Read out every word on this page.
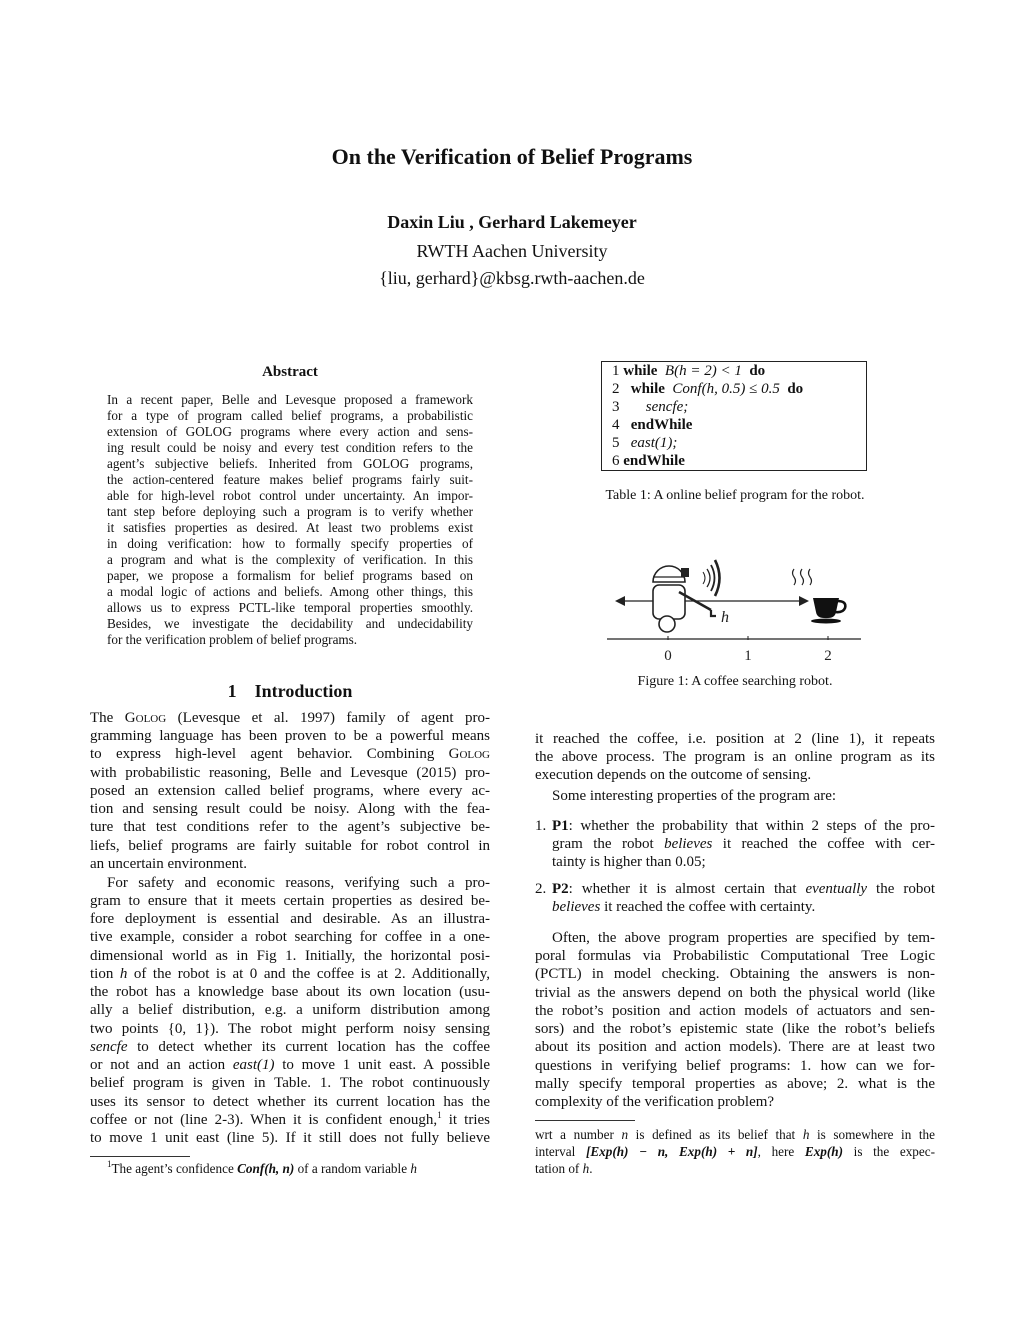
On the Verification of Belief Programs
Daxin Liu , Gerhard Lakemeyer
RWTH Aachen University
{liu, gerhard}@kbsg.rwth-aachen.de
Abstract
In a recent paper, Belle and Levesque proposed a framework
for a type of program called belief programs, a probabilistic
extension of GOLOG programs where every action and sens-
ing result could be noisy and every test condition refers to the
agent’s subjective beliefs. Inherited from GOLOG programs,
the action-centered feature makes belief programs fairly suit-
able for high-level robot control under uncertainty. An impor-
tant step before deploying such a program is to verify whether
it satisfies properties as desired. At least two problems exist
in doing verification: how to formally specify properties of
a program and what is the complexity of verification. In this
paper, we propose a formalism for belief programs based on
a modal logic of actions and beliefs. Among other things, this
allows us to express PCTL-like temporal properties smoothly.
Besides, we investigate the decidability and undecidability
for the verification problem of belief programs.
1 Introduction
The Golog (Levesque et al. 1997) family of agent pro-
gramming language has been proven to be a powerful means
to express high-level agent behavior. Combining Golog
with probabilistic reasoning, Belle and Levesque (2015) pro-
posed an extension called belief programs, where every ac-
tion and sensing result could be noisy. Along with the fea-
ture that test conditions refer to the agent’s subjective be-
liefs, belief programs are fairly suitable for robot control in
an uncertain environment.
For safety and economic reasons, verifying such a pro-
gram to ensure that it meets certain properties as desired be-
fore deployment is essential and desirable. As an illustra-
tive example, consider a robot searching for coffee in a one-
dimensional world as in Fig 1. Initially, the horizontal posi-
tion h of the robot is at 0 and the coffee is at 2. Additionally,
the robot has a knowledge base about its own location (usu-
ally a belief distribution, e.g. a uniform distribution among
two points {0, 1}). The robot might perform noisy sensing
sencfe to detect whether its current location has the coffee
or not and an action east(1) to move 1 unit east. A possible
belief program is given in Table. 1. The robot continuously
uses its sensor to detect whether its current location has the
coffee or not (line 2-3). When it is confident enough,$^1$ it tries
to move 1 unit east (line 5). If it still does not fully believe
$^1$The agent’s confidence Conf(h, n) of a random variable h
1 while B(h = 2) < 1 do
2 while Conf(h, 0.5) ≤ 0.5 do
3 sencfe;
4 endWhile
5 east(1);
6 endWhile
Table 1: A online belief program for the robot.
h
0	1	2
Figure 1: A coffee searching robot.
it reached the coffee, i.e. position at 2 (line 1), it repeats
the above process. The program is an online program as its
execution depends on the outcome of sensing.
Some interesting properties of the program are:
1. P1: whether the probability that within 2 steps of the pro-
gram the robot believes it reached the coffee with cer-
tainty is higher than 0.05;
2. P2: whether it is almost certain that eventually the robot
believes it reached the coffee with certainty.
Often, the above program properties are specified by tem-
poral formulas via Probabilistic Computational Tree Logic
(PCTL) in model checking. Obtaining the answers is non-
trivial as the answers depend on both the physical world (like
the robot’s position and action models of actuators and sen-
sors) and the robot’s epistemic state (like the robot’s beliefs
about its position and action models). There are at least two
questions in verifying belief programs: 1. how can we for-
mally specify temporal properties as above; 2. what is the
complexity of the verification problem?
wrt a number n is defined as its belief that h is somewhere in the
interval [Exp(h) − n, Exp(h) + n], here Exp(h) is the expec-
tation of h.
